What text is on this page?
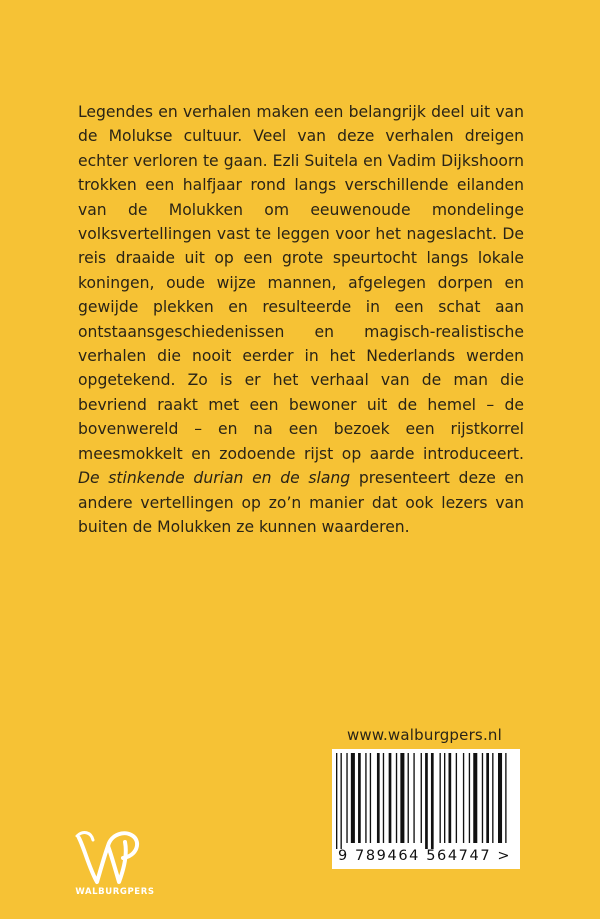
Legendes en verhalen maken een belangrijk deel uit van de Molukse cultuur. Veel van deze verhalen dreigen echter verloren te gaan. Ezli Suitela en Vadim Dijkshoorn trokken een halfjaar rond langs verschillende eilanden van de Molukken om eeuwenoude mondelinge volksvertellingen vast te leggen voor het nageslacht. De reis draaide uit op een grote speurtocht langs lokale koningen, oude wijze mannen, afgelegen dorpen en gewijde plekken en resulteerde in een schat aan ontstaansgeschiedenissen en magisch-realistische verhalen die nooit eerder in het Nederlands werden opgetekend. Zo is er het verhaal van de man die bevriend raakt met een bewoner uit de hemel – de bovenwereld – en na een bezoek een rijstkorrel meesmokkelt en zodoende rijst op aarde introduceert. De stinkende durian en de slang presenteert deze en andere vertellingen op zo’n manier dat ook lezers van buiten de Molukken ze kunnen waarderen.

www.walburgpers.nl
9 789464 564747 >
WALBURGPERS
